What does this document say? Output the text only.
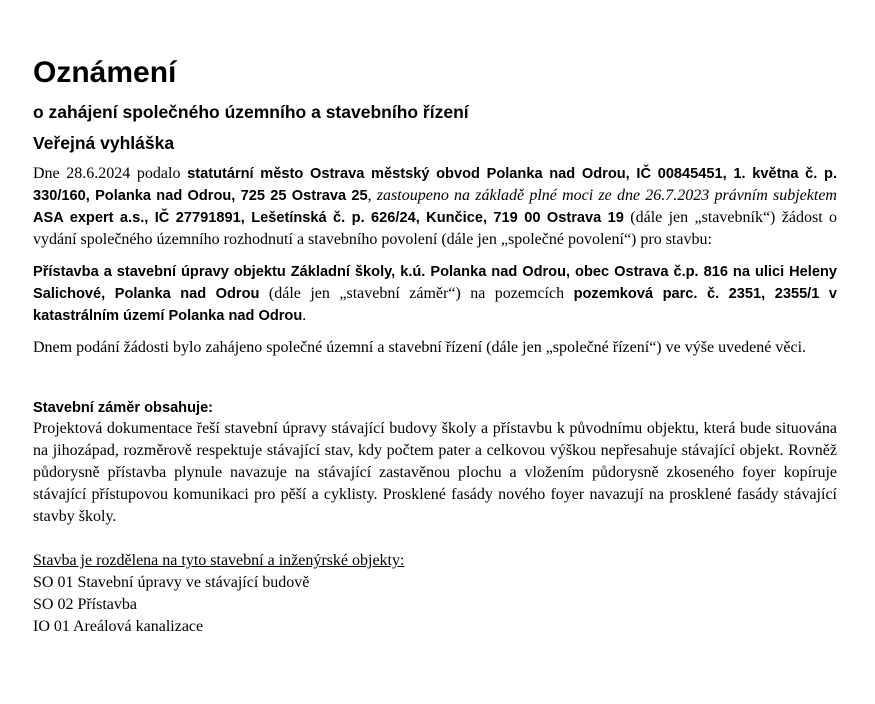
Oznámení
o zahájení společného územního a stavebního řízení
Veřejná vyhláška

Dne 28.6.2024 podalo statutární město Ostrava městský obvod Polanka nad Odrou, IČ 00845451, 1. května č. p. 330/160, Polanka nad Odrou, 725 25 Ostrava 25, zastoupeno na základě plné moci ze dne 26.7.2023 právním subjektem ASA expert a.s., IČ 27791891, Lešetínská č. p. 626/24, Kunčice, 719 00 Ostrava 19 (dále jen „stavebník“) žádost o vydání společného územního rozhodnutí a stavebního povolení (dále jen „společné povolení“) pro stavbu:

Přístavba a stavební úpravy objektu Základní školy, k.ú. Polanka nad Odrou, obec Ostrava č.p. 816 na ulici Heleny Salichové, Polanka nad Odrou (dále jen „stavební záměr“) na pozemcích pozemková parc. č. 2351, 2355/1 v katastrálním území Polanka nad Odrou.

Dnem podání žádosti bylo zahájeno společné územní a stavební řízení (dále jen „společné řízení“) ve výše uvedené věci.

Stavební záměr obsahuje:

Projektová dokumentace řeší stavební úpravy stávající budovy školy a přístavbu k původnímu objektu, která bude situována na jihozápad, rozměrově respektuje stávající stav, kdy počtem pater a celkovou výškou nepřesahuje stávající objekt. Rovněž půdorysně přístavba plynule navazuje na stávající zastavěnou plochu a vložením půdorysně zkoseného foyer kopíruje stávající přístupovou komunikaci pro pěší a cyklisty. Prosklené fasády nového foyer navazují na prosklené fasády stávající stavby školy.

Stavba je rozdělena na tyto stavební a inženýrské objekty:
SO 01 Stavební úpravy ve stávající budově
SO 02 Přístavba
IO 01 Areálová kanalizace
